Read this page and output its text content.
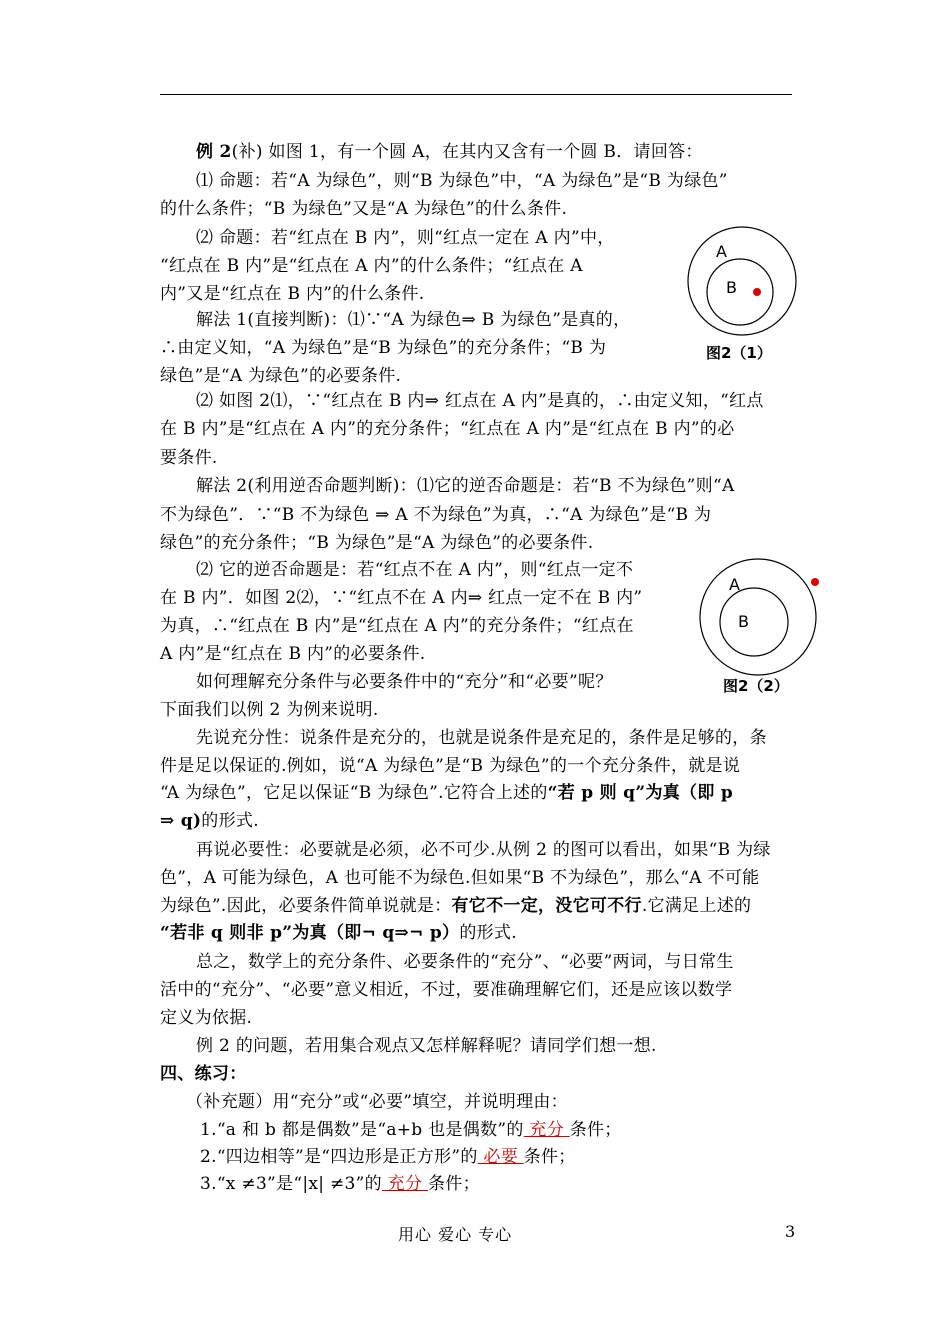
例 2(补) 如图 1，有一个圆 A，在其内又含有一个圆 B．请回答：
⑴ 命题：若“A 为绿色”，则“B 为绿色”中，“A 为绿色”是“B 为绿色”
的什么条件；“B 为绿色”又是“A 为绿色”的什么条件.
⑵ 命题：若“红点在 B 内”，则“红点一定在 A 内”中，
“红点在 B 内”是“红点在 A 内”的什么条件；“红点在 A
内”又是“红点在 B 内”的什么条件.
解法 1(直接判断)：⑴∵“A 为绿色⇒ B 为绿色”是真的，
∴由定义知，“A 为绿色”是“B 为绿色”的充分条件；“B 为
绿色”是“A 为绿色”的必要条件.
⑵ 如图 2⑴，∵“红点在 B 内⇒ 红点在 A 内”是真的，∴由定义知，“红点
在 B 内”是“红点在 A 内”的充分条件；“红点在 A 内”是“红点在 B 内”的必
要条件.
解法 2(利用逆否命题判断)：⑴它的逆否命题是：若“B 不为绿色”则“A
不为绿色”．∵“B 不为绿色 ⇒ A 不为绿色”为真，∴“A 为绿色”是“B 为
绿色”的充分条件；“B 为绿色”是“A 为绿色”的必要条件.
⑵ 它的逆否命题是：若“红点不在 A 内”，则“红点一定不
在 B 内”．如图 2⑵，∵“红点不在 A 内⇒ 红点一定不在 B 内”
为真，∴“红点在 B 内”是“红点在 A 内”的充分条件；“红点在
A 内”是“红点在 B 内”的必要条件.
如何理解充分条件与必要条件中的“充分”和“必要”呢？
下面我们以例 2 为例来说明.
先说充分性：说条件是充分的，也就是说条件是充足的，条件是足够的，条
件是足以保证的.例如，说“A 为绿色”是“B 为绿色”的一个充分条件，就是说
“A 为绿色”，它足以保证“B 为绿色”.它符合上述的“若 p 则 q”为真（即 p
⇒ q)的形式.
再说必要性：必要就是必须，必不可少.从例 2 的图可以看出，如果“B 为绿
色”，A 可能为绿色，A 也可能不为绿色.但如果“B 不为绿色”，那么“A 不可能
为绿色”.因此，必要条件简单说就是：有它不一定，没它可不行.它满足上述的
“若非 q 则非 p”为真（即¬ q⇒¬ p）的形式.
总之，数学上的充分条件、必要条件的“充分”、“必要”两词，与日常生
活中的“充分”、“必要”意义相近，不过，要准确理解它们，还是应该以数学
定义为依据.
例 2 的问题，若用集合观点又怎样解释呢？请同学们想一想.
四、练习：
（补充题）用“充分”或“必要”填空，并说明理由：
1.“a 和 b 都是偶数”是“a+b 也是偶数”的 充分 条件；
2.“四边相等”是“四边形是正方形”的 必要 条件；
3.“x ≠3”是“|x| ≠3”的 充分 条件；
A
B
图2（1）
A
B
图2（2）
用心 爱心 专心	3
